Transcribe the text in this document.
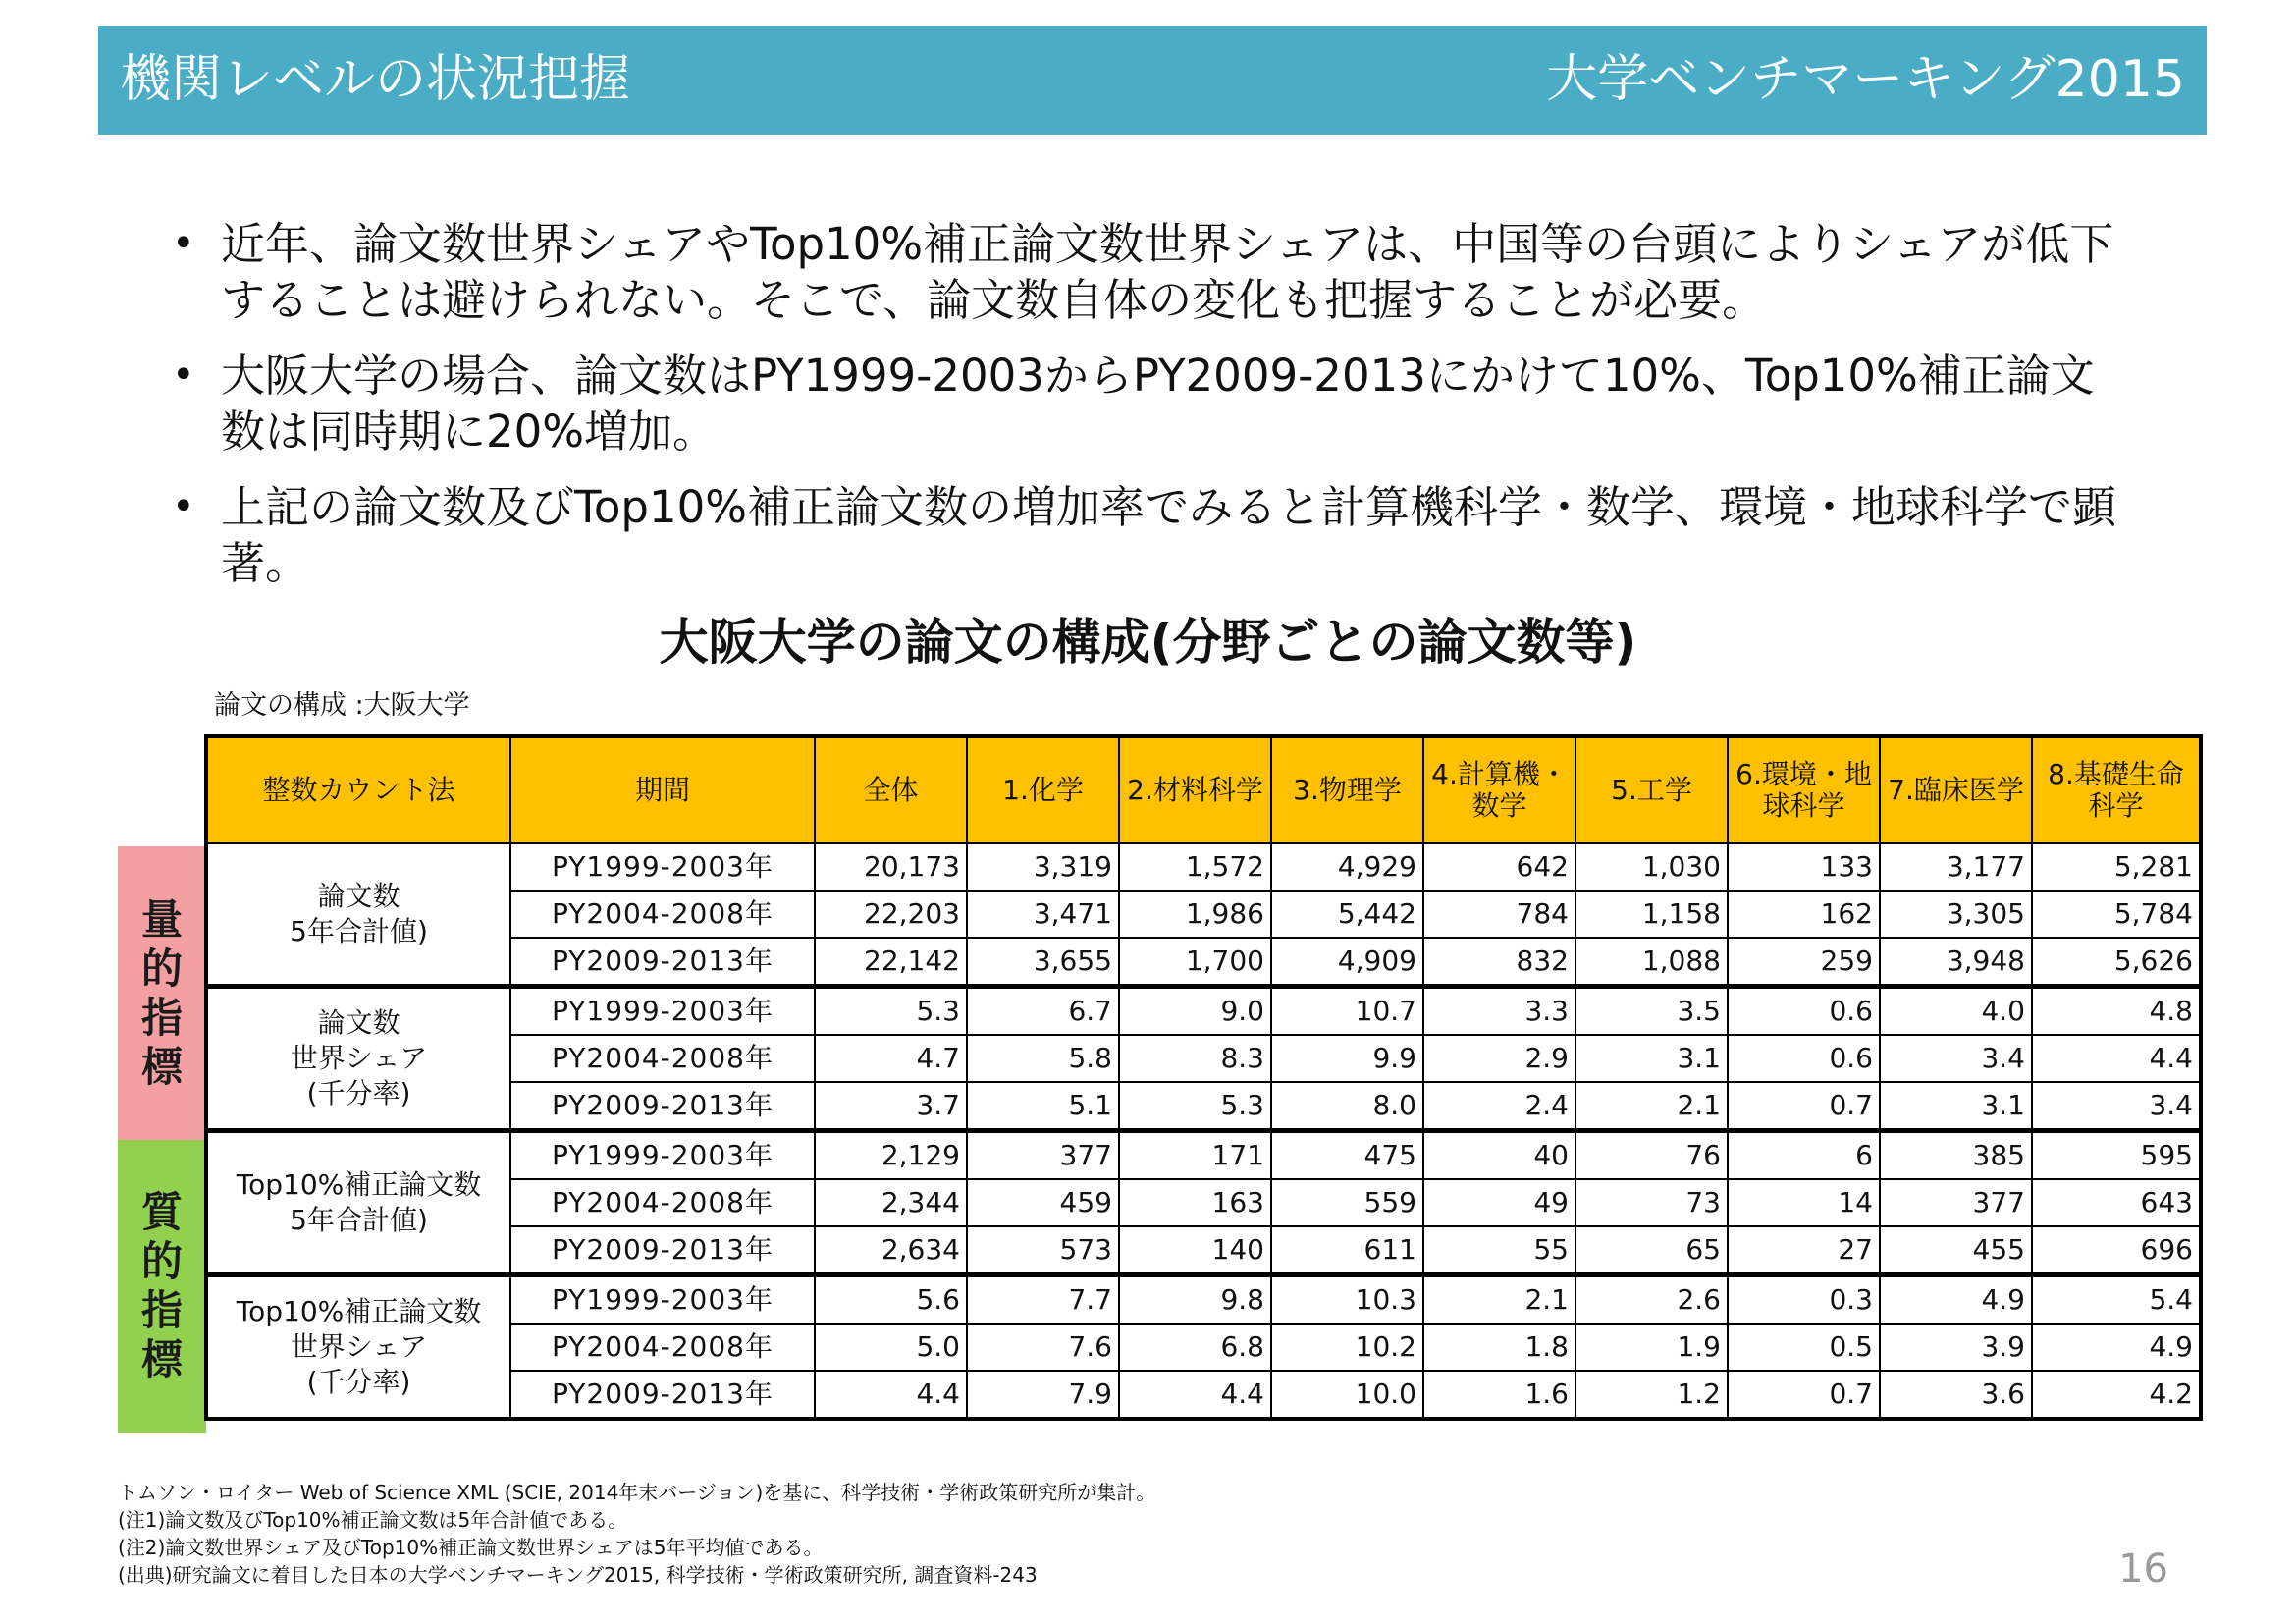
機関レベルの状況把握	大学ベンチマーキング2015
• 近年、論文数世界シェアやTop10%補正論文数世界シェアは、中国等の台頭によりシェアが低下することは避けられない。そこで、論文数自体の変化も把握することが必要。
• 大阪大学の場合、論文数はPY1999-2003からPY2009-2013にかけて10%、Top10%補正論文数は同時期に20%増加。
• 上記の論文数及びTop10%補正論文数の増加率でみると計算機科学・数学、環境・地球科学で顕著。
大阪大学の論文の構成(分野ごとの論文数等)
論文の構成 :大阪大学
量
的
指
標
質
的
指
標
整数カウント法	期間	全体	1.化学	2.材料科学	3.物理学	4.計算機・数学	5.工学	6.環境・地球科学	7.臨床医学	8.基礎生命科学

論文数
5年合計値)	PY1999-2003年	20,173	3,319	1,572	4,929	642	1,030	133	3,177	5,281
	PY2004-2008年	22,203	3,471	1,986	5,442	784	1,158	162	3,305	5,784
	PY2009-2013年	22,142	3,655	1,700	4,909	832	1,088	259	3,948	5,626

論文数
世界シェア
(千分率)	PY1999-2003年	5.3	6.7	9.0	10.7	3.3	3.5	0.6	4.0	4.8
	PY2004-2008年	4.7	5.8	8.3	9.9	2.9	3.1	0.6	3.4	4.4
	PY2009-2013年	3.7	5.1	5.3	8.0	2.4	2.1	0.7	3.1	3.4

Top10%補正論文数
5年合計値)	PY1999-2003年	2,129	377	171	475	40	76	6	385	595
	PY2004-2008年	2,344	459	163	559	49	73	14	377	643
	PY2009-2013年	2,634	573	140	611	55	65	27	455	696

Top10%補正論文数
世界シェア
(千分率)	PY1999-2003年	5.6	7.7	9.8	10.3	2.1	2.6	0.3	4.9	5.4
	PY2004-2008年	5.0	7.6	6.8	10.2	1.8	1.9	0.5	3.9	4.9
	PY2009-2013年	4.4	7.9	4.4	10.0	1.6	1.2	0.7	3.6	4.2
トムソン・ロイター Web of Science XML (SCIE, 2014年末バージョン)を基に、科学技術・学術政策研究所が集計。
(注1)論文数及びTop10%補正論文数は5年合計値である。
(注2)論文数世界シェア及びTop10%補正論文数世界シェアは5年平均値である。
(出典)研究論文に着目した日本の大学ベンチマーキング2015, 科学技術・学術政策研究所, 調査資料-243	16
